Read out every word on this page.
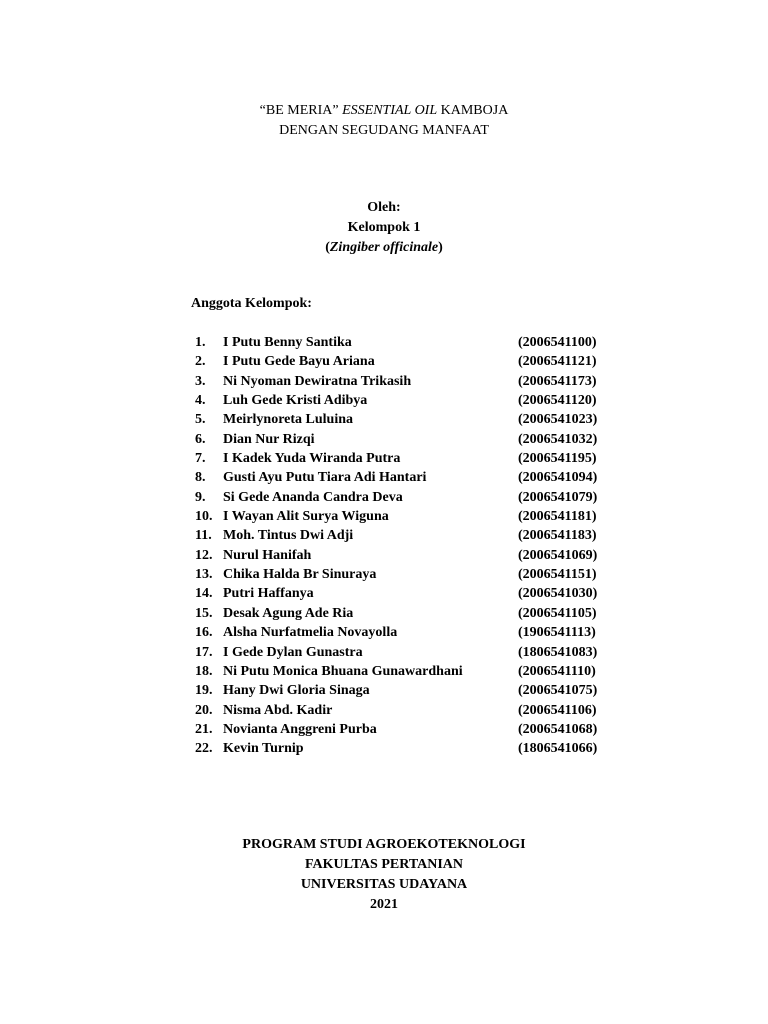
“BE MERIA” ESSENTIAL OIL KAMBOJA
DENGAN SEGUDANG MANFAAT
Oleh:
Kelompok 1
(Zingiber officinale)
Anggota Kelompok:
1.	I Putu Benny Santika	(2006541100)
2.	I Putu Gede Bayu Ariana	(2006541121)
3.	Ni Nyoman Dewiratna Trikasih	(2006541173)
4.	Luh Gede Kristi Adibya	(2006541120)
5.	Meirlynoreta Luluina	(2006541023)
6.	Dian Nur Rizqi	(2006541032)
7.	I Kadek Yuda Wiranda Putra	(2006541195)
8.	Gusti Ayu Putu Tiara Adi Hantari	(2006541094)
9.	Si Gede Ananda Candra Deva	(2006541079)
10. I Wayan Alit Surya Wiguna	(2006541181)
11. Moh. Tintus Dwi Adji	(2006541183)
12. Nurul Hanifah	(2006541069)
13. Chika Halda Br Sinuraya	(2006541151)
14. Putri Haffanya	(2006541030)
15. Desak Agung Ade Ria	(2006541105)
16. Alsha Nurfatmelia Novayolla	(1906541113)
17. I Gede Dylan Gunastra	(1806541083)
18. Ni Putu Monica Bhuana Gunawardhani	(2006541110)
19. Hany Dwi Gloria Sinaga	(2006541075)
20. Nisma Abd. Kadir	(2006541106)
21. Novianta Anggreni Purba	(2006541068)
22. Kevin Turnip	(1806541066)
PROGRAM STUDI AGROEKOTEKNOLOGI
FAKULTAS PERTANIAN
UNIVERSITAS UDAYANA
2021
